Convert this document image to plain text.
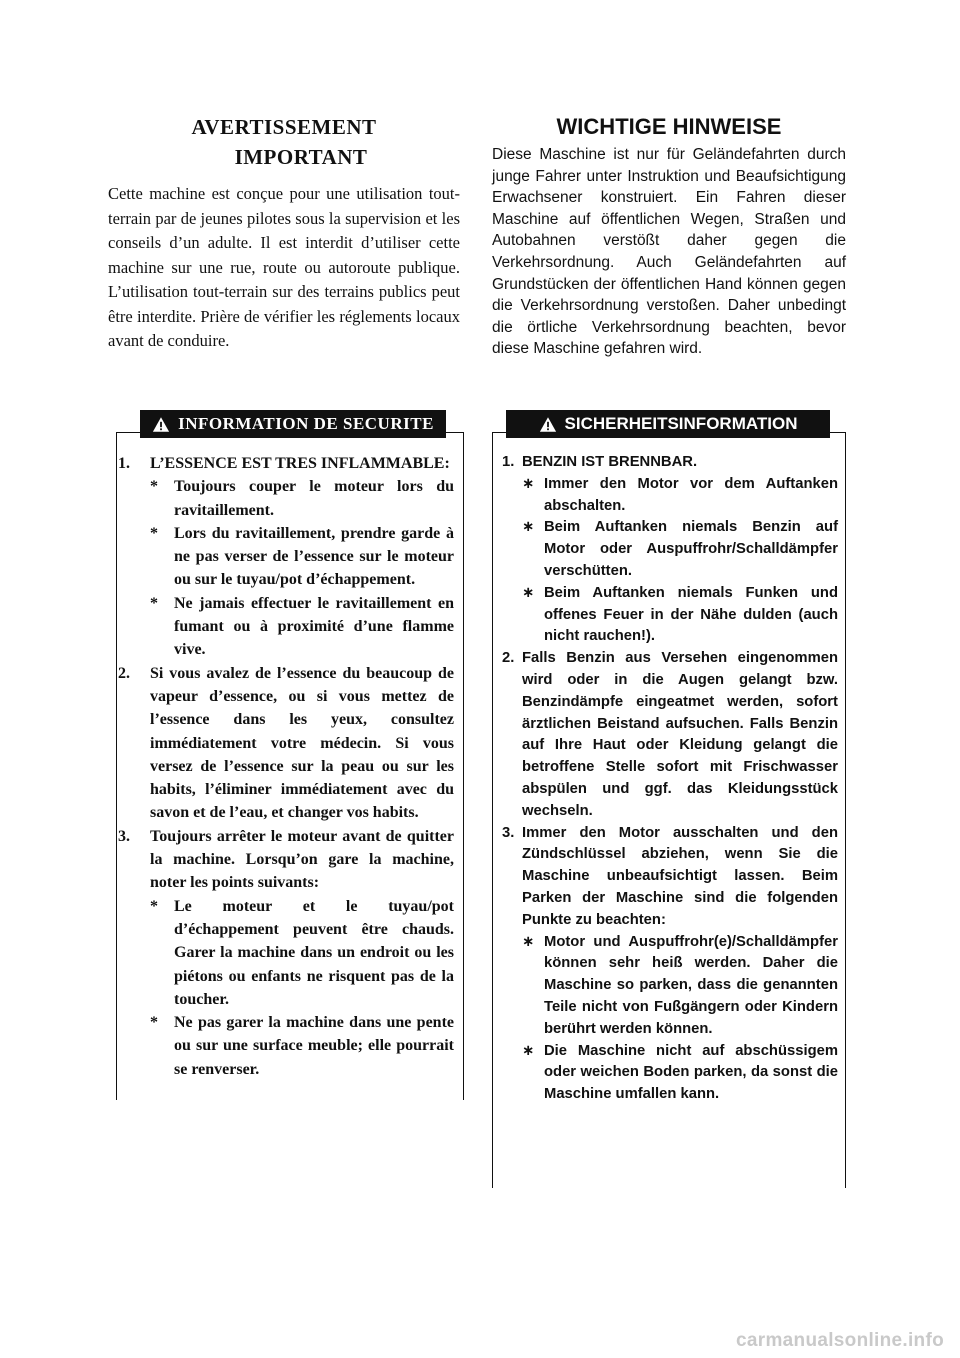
AVERTISSEMENT

IMPORTANT

Cette machine est conçue pour une utilisation tout-terrain par de jeunes pilotes sous la supervision et les conseils d’un adulte. Il est interdit d’utiliser cette machine sur une rue, route ou autoroute publique. L’utilisation tout-terrain sur des terrains publics peut être interdite. Prière de vérifier les réglements locaux avant de conduire.

WICHTIGE HINWEISE

Diese Maschine ist nur für Geländefahrten durch junge Fahrer unter Instruktion und Beaufsichtigung Erwachsener konstruiert. Ein Fahren dieser Maschine auf öffentlichen Wegen, Straßen und Autobahnen verstößt daher gegen die Verkehrsordnung. Auch Geländefahrten auf Grundstücken der öffentlichen Hand können gegen die Verkehrsordnung verstoßen. Daher unbedingt die örtliche Verkehrsordnung beachten, bevor diese Maschine gefahren wird.

INFORMATION DE SECURITE
1.	L’ESSENCE EST TRES INFLAMMABLE:
*	Toujours couper le moteur lors du ravitaillement.
*	Lors du ravitaillement, prendre garde à ne pas verser de l’essence sur le moteur ou sur le tuyau/pot d’échappement.
*	Ne jamais effectuer le ravitaillement en fumant ou à proximité d’une flamme vive.
2.	Si vous avalez de l’essence du beaucoup de vapeur d’essence, ou si vous mettez de l’essence dans les yeux, consultez immédiatement votre médecin. Si vous versez de l’essence sur la peau ou sur les habits, l’éliminer immédiatement avec du savon et de l’eau, et changer vos habits.
3.	Toujours arrêter le moteur avant de quitter la machine. Lorsqu’on gare la machine, noter les points suivants:
*	Le moteur et le tuyau/pot d’échappement peuvent être chauds. Garer la machine dans un endroit ou les piétons ou enfants ne risquent pas de la toucher.
*	Ne pas garer la machine dans une pente ou sur une surface meuble; elle pourrait se renverser.
SICHERHEITSINFORMATION
1. BENZIN IST BRENNBAR.
∗ Immer den Motor vor dem Auftanken abschalten.
∗ Beim Auftanken niemals Benzin auf Motor oder Auspuffrohr/Schalldämpfer verschütten.
∗ Beim Auftanken niemals Funken und offenes Feuer in der Nähe dulden (auch nicht rauchen!).
2. Falls Benzin aus Versehen eingenommen wird oder in die Augen gelangt bzw. Benzindämpfe eingeatmet werden, sofort ärztlichen Beistand aufsuchen. Falls Benzin auf Ihre Haut oder Kleidung gelangt die betroffene Stelle sofort mit Frischwasser abspülen und ggf. das Kleidungsstück wechseln.
3. Immer den Motor ausschalten und den Zündschlüssel abziehen, wenn Sie die Maschine unbeaufsichtigt lassen. Beim Parken der Maschine sind die folgenden Punkte zu beachten:
∗ Motor und Auspuffrohr(e)/Schalldämpfer können sehr heiß werden. Daher die Maschine so parken, dass die genannten Teile nicht von Fußgängern oder Kindern berührt werden können.
∗ Die Maschine nicht auf abschüssigem oder weichen Boden parken, da sonst die Maschine umfallen kann.
carmanualsonline.info
